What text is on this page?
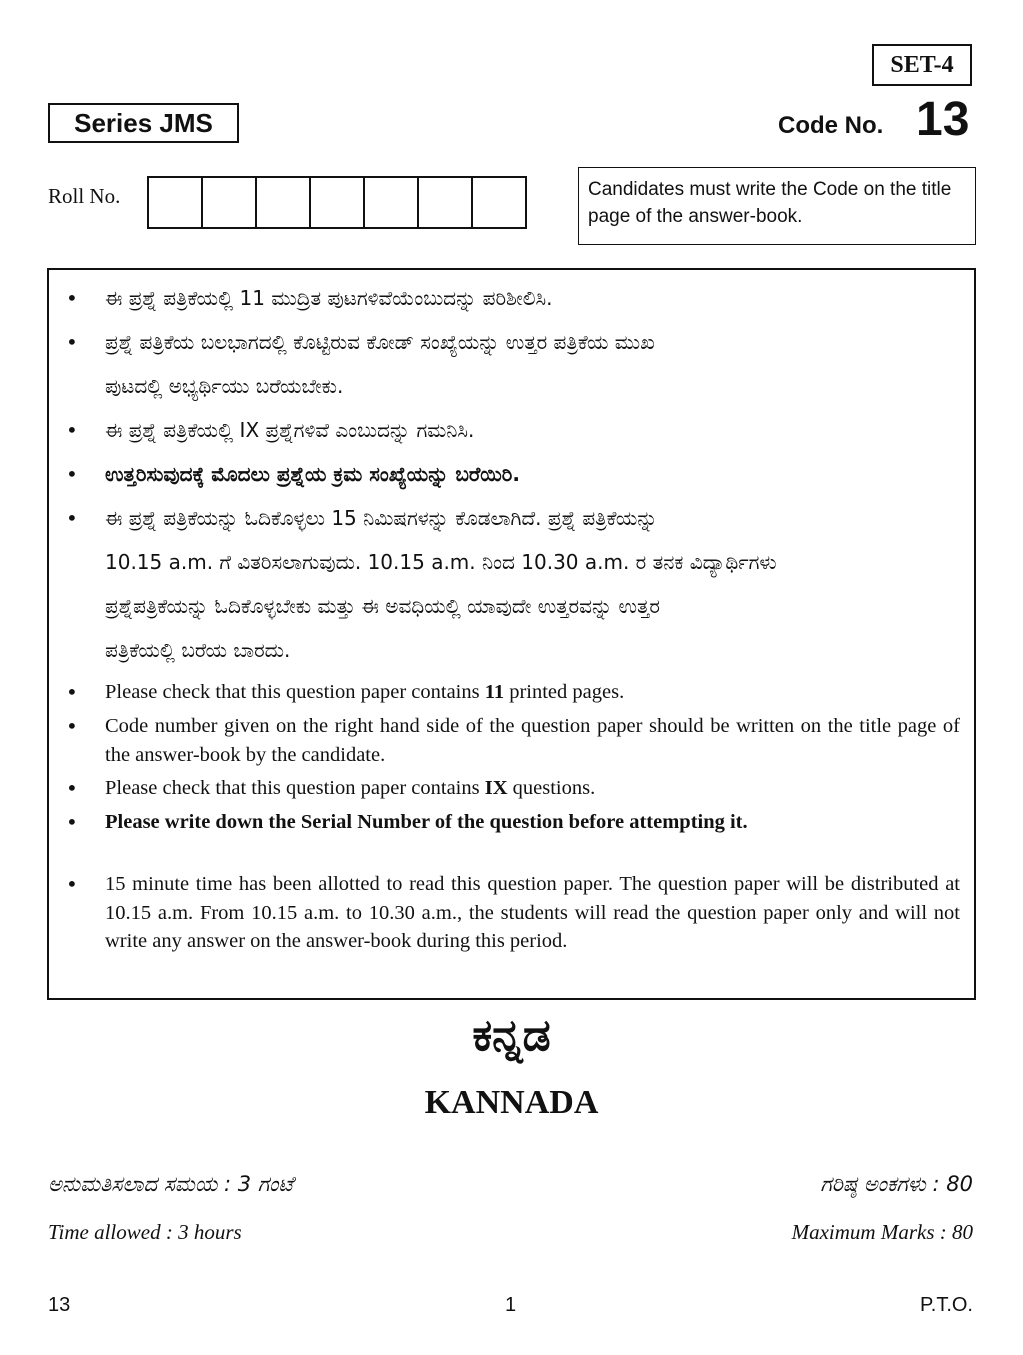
SET-4
Series JMS	Code No. 13
Roll No.	Candidates must write the Code on the title page of the answer-book.
• ಈ ಪ್ರಶ್ನೆ ಪತ್ರಿಕೆಯಲ್ಲಿ 11 ಮುದ್ರಿತ ಪುಟಗಳಿವೆಯೆಂಬುದನ್ನು ಪರಿಶೀಲಿಸಿ.
• ಪ್ರಶ್ನೆ ಪತ್ರಿಕೆಯ ಬಲಭಾಗದಲ್ಲಿ ಕೊಟ್ಟಿರುವ ಕೋಡ್ ಸಂಖ್ಯೆಯನ್ನು ಉತ್ತರ ಪತ್ರಿಕೆಯ ಮುಖ
ಪುಟದಲ್ಲಿ ಅಭ್ಯರ್ಥಿಯು ಬರೆಯಬೇಕು.
• ಈ ಪ್ರಶ್ನೆ ಪತ್ರಿಕೆಯಲ್ಲಿ IX ಪ್ರಶ್ನೆಗಳಿವೆ ಎಂಬುದನ್ನು ಗಮನಿಸಿ.
• ಉತ್ತರಿಸುವುದಕ್ಕೆ ಮೊದಲು ಪ್ರಶ್ನೆಯ ಕ್ರಮ ಸಂಖ್ಯೆಯನ್ನು ಬರೆಯಿರಿ.
• ಈ ಪ್ರಶ್ನೆ ಪತ್ರಿಕೆಯನ್ನು ಓದಿಕೊಳ್ಳಲು 15 ನಿಮಿಷಗಳನ್ನು ಕೊಡಲಾಗಿದೆ. ಪ್ರಶ್ನೆ ಪತ್ರಿಕೆಯನ್ನು
10.15 a.m. ಗೆ ವಿತರಿಸಲಾಗುವುದು. 10.15 a.m. ನಿಂದ 10.30 a.m. ರ ತನಕ ವಿದ್ಯಾರ್ಥಿಗಳು
ಪ್ರಶ್ನೆಪತ್ರಿಕೆಯನ್ನು ಓದಿಕೊಳ್ಳಬೇಕು ಮತ್ತು ಈ ಅವಧಿಯಲ್ಲಿ ಯಾವುದೇ ಉತ್ತರವನ್ನು ಉತ್ತರ
ಪತ್ರಿಕೆಯಲ್ಲಿ ಬರೆಯ ಬಾರದು.
• Please check that this question paper contains 11 printed pages.
• Code number given on the right hand side of the question paper should be written on the title page of the answer-book by the candidate.
• Please check that this question paper contains IX questions.
• Please write down the Serial Number of the question before attempting it.
• 15 minute time has been allotted to read this question paper. The question paper will be distributed at 10.15 a.m. From 10.15 a.m. to 10.30 a.m., the students will read the question paper only and will not write any answer on the answer-book during this period.
ಕನ್ನಡ
KANNADA
ಅನುಮತಿಸಲಾದ ಸಮಯ : 3 ಗಂಟೆ	ಗರಿಷ್ಠ ಅಂಕಗಳು : 80
Time allowed : 3 hours	Maximum Marks : 80
13	1	P.T.O.
